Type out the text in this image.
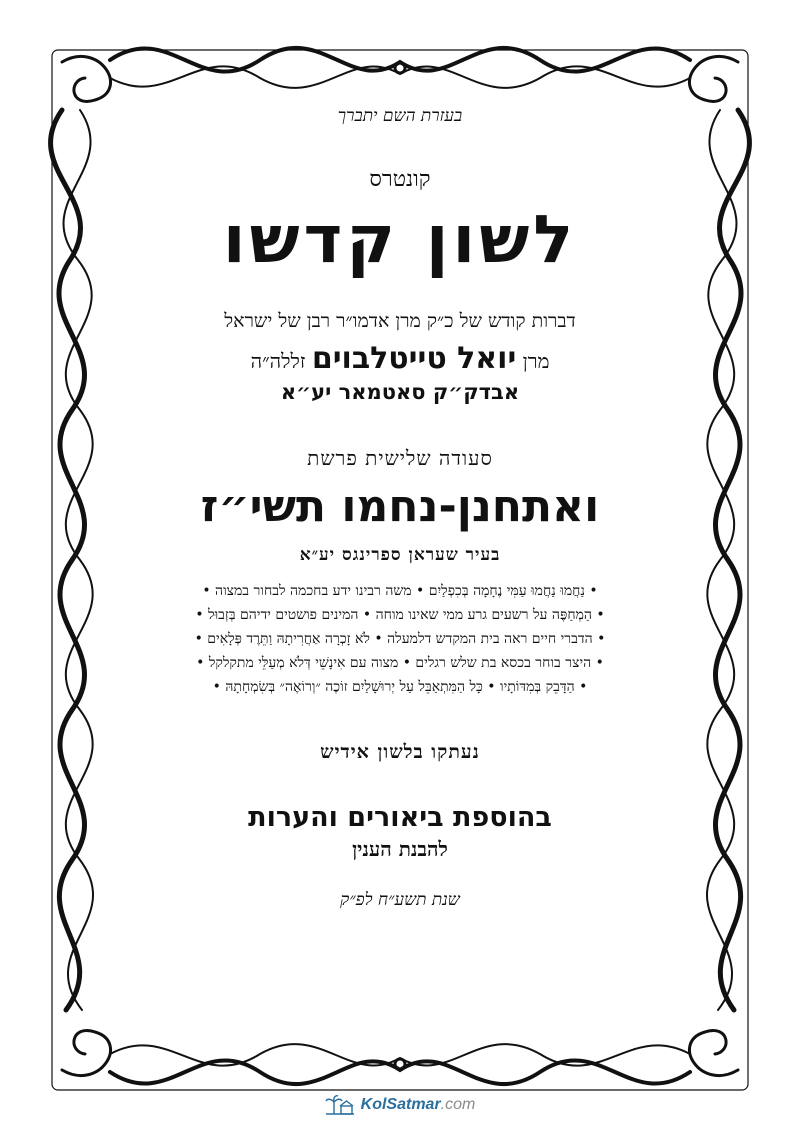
בעזרת השם יתברך

קונטרס

לשון קדשו

דברות קודש של כ״ק מרן אדמו״ר רבן של ישראל

מרן יואל טייטלבוים זללה״ה

אבדק״ק סאטמאר יע״א

סעודה שלישית פרשת

ואתחנן-נחמו תשי״ז

בעיר שעראן ספרינגס יע״א

• נַחֲמוּ נַחֲמוּ עַמִּי נֶחָמָה בְּכִפְלַיִם • משה רבינו ידע בחכמה לבחור במצוה •
• הַמְחַפֶּה על רשעים גרע ממי שאינו מוחה • המינים פושטים ידיהם בְּזְבוּל •
• הדברי חיים ראה בית המקדש דלמעלה • לֹא זָכְרָה אַחֲרִיתָהּ וַתֵּרֶד פְּלָאִים •
• היצר בוחר בכסא בת שלש רגלים • מצוה עם אִינָשֵׁי דְּלֹא מְעַלֵּי מתקלקל •
• הַדָּבֵק בְּמִדּוֹתָיו • כָּל הַמִּתְאַבֵּל עַל יְרוּשָׁלַיִם זוֹכֶה ״וְרוֹאֶה״ בְּשִׂמְחָתָהּ •

נעתקו בלשון אידיש

בהוספת ביאורים והערות

להבנת הענין

שנת תשע״ח לפ״ק

KolSatmar.com
